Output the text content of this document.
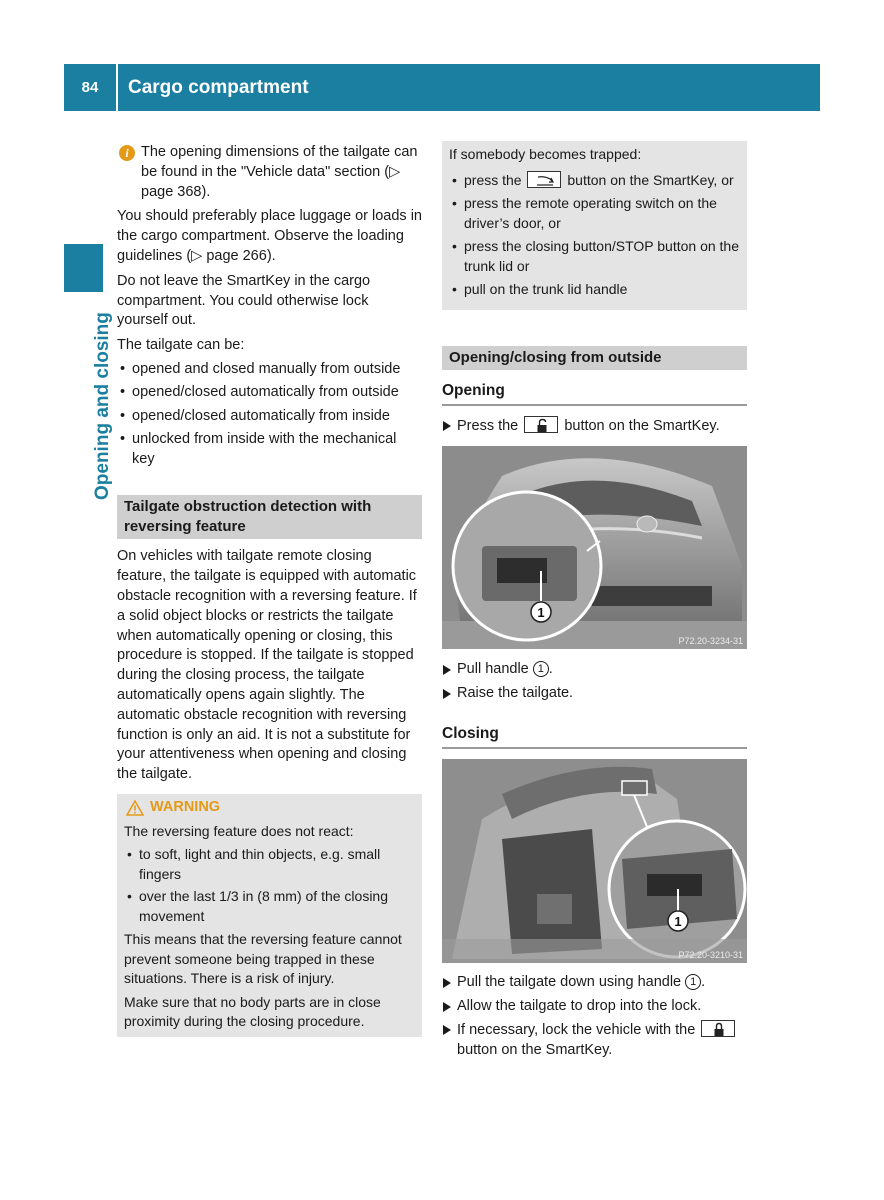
84	Cargo compartment
Opening and closing
i The opening dimensions of the tailgate can be found in the "Vehicle data" section (▷ page 368).

You should preferably place luggage or loads in the cargo compartment. Observe the loading guidelines (▷ page 266).

Do not leave the SmartKey in the cargo compartment. You could otherwise lock yourself out.

The tailgate can be:

• opened and closed manually from outside
• opened/closed automatically from outside
• opened/closed automatically from inside
• unlocked from inside with the mechanical key
Tailgate obstruction detection with reversing feature

On vehicles with tailgate remote closing feature, the tailgate is equipped with automatic obstacle recognition with a reversing feature. If a solid object blocks or restricts the tailgate when automatically opening or closing, this procedure is stopped. If the tailgate is stopped during the closing process, the tailgate automatically opens again slightly. The automatic obstacle recognition with reversing function is only an aid. It is not a substitute for your attentiveness when opening and closing the tailgate.

WARNING

The reversing feature does not react:

• to soft, light and thin objects, e.g. small fingers
• over the last 1/3 in (8 mm) of the closing movement

This means that the reversing feature cannot prevent someone being trapped in these situations. There is a risk of injury.

Make sure that no body parts are in close proximity during the closing procedure.

If somebody becomes trapped:
• press the	button on the SmartKey, or
• press the remote operating switch on the driver’s door, or
• press the closing button/STOP button on the trunk lid or
• pull on the trunk lid handle
Opening/closing from outside
Opening
Press the	button on the SmartKey.
1
P72.20-3234-31
Pull handle 1 .
Raise the tailgate.
Closing
1
P72.20-3210-31
Pull the tailgate down using handle 1 .
Allow the tailgate to drop into the lock.
If necessary, lock the vehicle with the

button on the SmartKey.
